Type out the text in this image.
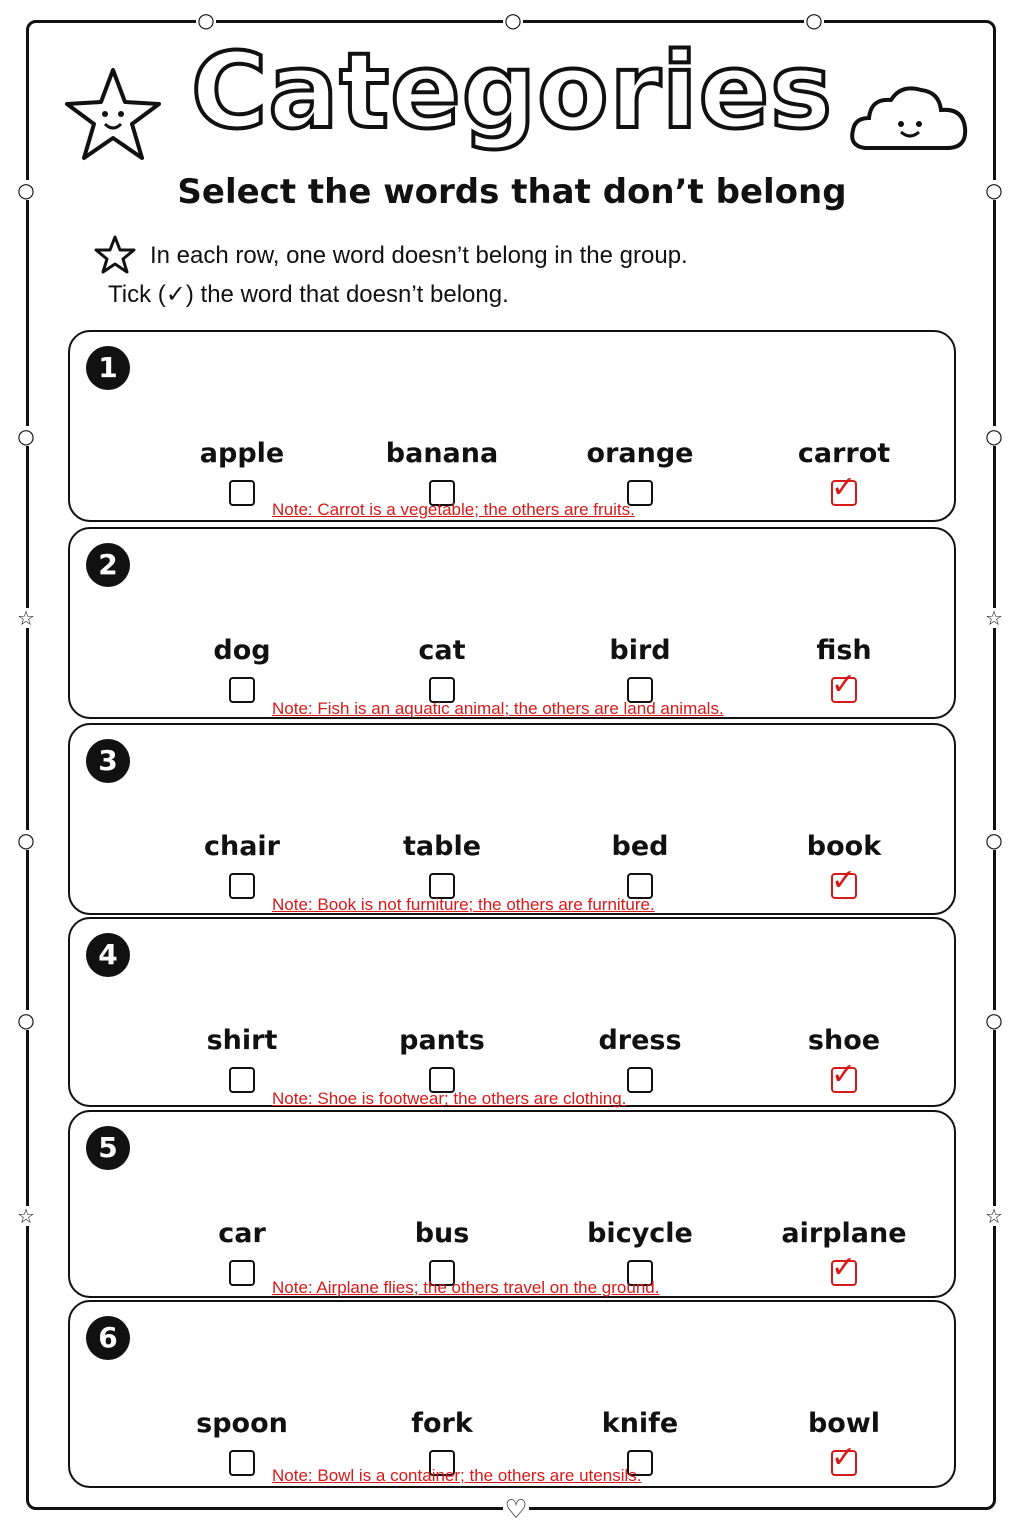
○	○	○
○	○
○	○
☆	☆
○	○
○	○
☆	☆
♡
Categories
Select the words that don’t belong
In each row, one word doesn’t belong in the group.
Tick (✓) the word that doesn’t belong.
1
apple	banana	orange	carrot
✓
Note: Carrot is a vegetable; the others are fruits.
2
dog	cat	bird	fish
✓
Note: Fish is an aquatic animal; the others are land animals.
3
chair	table	bed	book
✓
Note: Book is not furniture; the others are furniture.
4
shirt	pants	dress	shoe
✓
Note: Shoe is footwear; the others are clothing.
5
car	bus	bicycle	airplane
✓
Note: Airplane flies; the others travel on the ground.
6
spoon	fork	knife	bowl
✓
Note: Bowl is a container; the others are utensils.
